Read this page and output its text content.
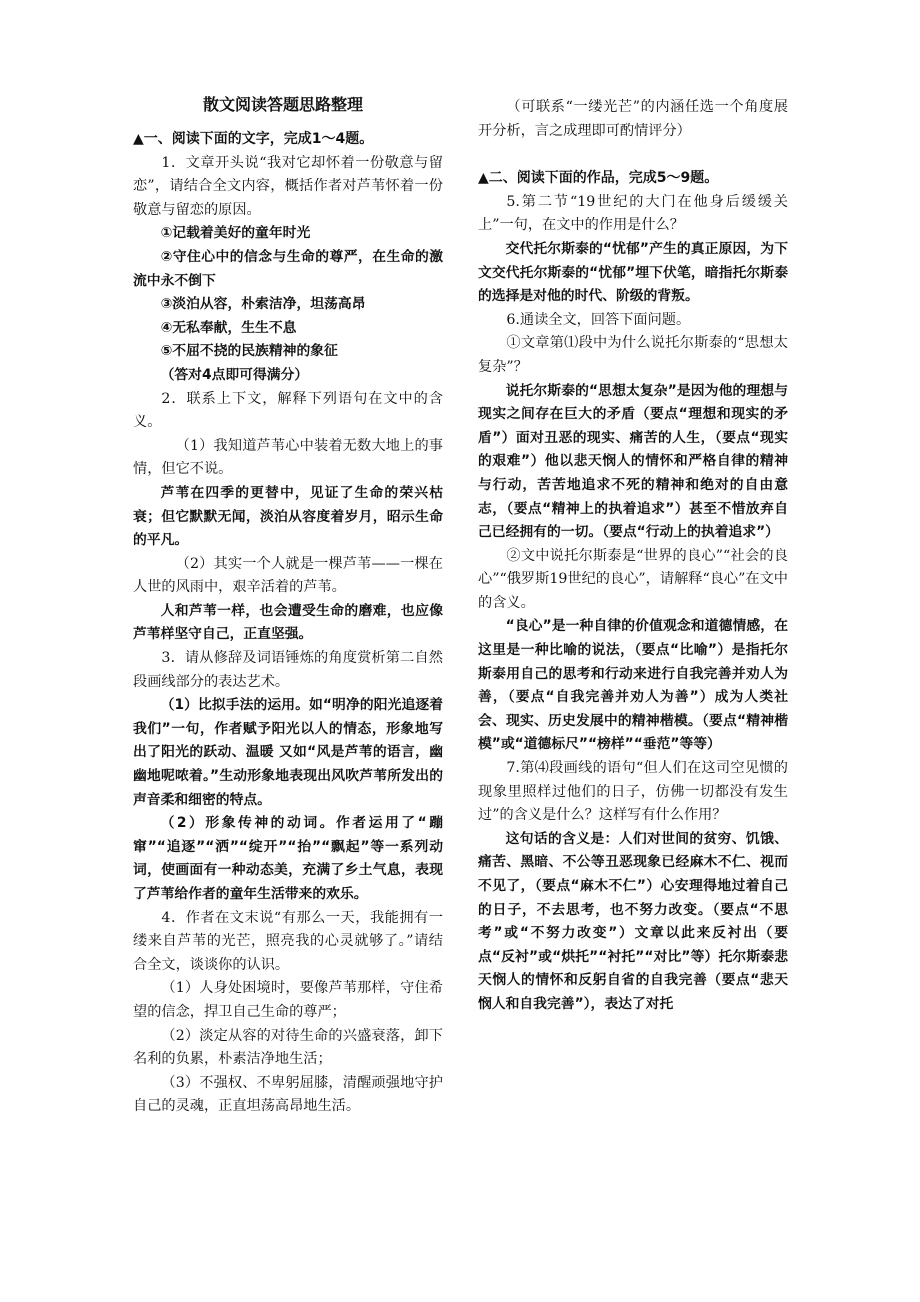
散文阅读答题思路整理

▲一、阅读下面的文字，完成1～4题。

1．文章开头说“我对它却怀着一份敬意与留恋”，请结合全文内容，概括作者对芦苇怀着一份敬意与留恋的原因。

①记载着美好的童年时光

②守住心中的信念与生命的尊严，在生命的激流中永不倒下

③淡泊从容，朴索洁净，坦荡高昂

④无私奉献，生生不息

⑤不屈不挠的民族精神的象征

（答对4点即可得满分）

2．联系上下文，解释下列语句在文中的含义。

（1）我知道芦苇心中装着无数大地上的事情，但它不说。

芦苇在四季的更替中，见证了生命的荣兴枯衰；但它默默无闻，淡泊从容度着岁月，昭示生命的平凡。

（2）其实一个人就是一棵芦苇——一棵在人世的风雨中，艰辛活着的芦苇。

人和芦苇一样，也会遭受生命的磨难，也应像芦苇样坚守自己，正直坚强。

3．请从修辞及词语锤炼的角度赏析第二自然段画线部分的表达艺术。

（1）比拟手法的运用。如“明净的阳光追逐着我们”一句，作者赋予阳光以人的情态，形象地写出了阳光的跃动、温暖 又如“风是芦苇的语言，幽幽地呢哝着。”生动形象地表现出风吹芦苇所发出的声音柔和细密的特点。

（2）形象传神的动词。作者运用了“蹦窜”“追逐”“洒”“绽开”“抬”“飘起”等一系列动词，使画面有一种动态美，充满了乡土气息，表现了芦苇给作者的童年生活带来的欢乐。

4．作者在文末说“有那么一天，我能拥有一缕来自芦苇的光芒，照亮我的心灵就够了。”请结合全文，谈谈你的认识。

（1）人身处困境时，要像芦苇那样，守住希望的信念，捍卫自己生命的尊严；

（2）淡定从容的对待生命的兴盛衰落，卸下名利的负累，朴素洁净地生活；

（3）不强权、不卑躬屈膝，清醒顽强地守护自己的灵魂，正直坦荡高昂地生活。

（可联系“一缕光芒”的内涵任选一个角度展开分析，言之成理即可酌情评分）

▲二、阅读下面的作品，完成5～9题。

5.第二节“19世纪的大门在他身后缓缓关上”一句，在文中的作用是什么？

交代托尔斯泰的“忧郁”产生的真正原因，为下文交代托尔斯泰的“忧郁”埋下伏笔，暗指托尔斯泰的选择是对他的时代、阶级的背叛。

6.通读全文，回答下面问题。

①文章第⑴段中为什么说托尔斯泰的“思想太复杂”？

说托尔斯泰的“思想太复杂”是因为他的理想与现实之间存在巨大的矛盾（要点“理想和现实的矛盾”）面对丑恶的现实、痛苦的人生，（要点“现实的艰难”）他以悲天悯人的情怀和严格自律的精神与行动，苦苦地追求不死的精神和绝对的自由意志，（要点“精神上的执着追求”）甚至不惜放弃自己已经拥有的一切。（要点“行动上的执着追求”）

②文中说托尔斯泰是“世界的良心”“社会的良心”“俄罗斯19世纪的良心”，请解释“良心”在文中的含义。

“良心”是一种自律的价值观念和道德情感，在这里是一种比喻的说法，（要点“比喻”）是指托尔斯泰用自己的思考和行动来进行自我完善并劝人为善，（要点“自我完善并劝人为善”）成为人类社会、现实、历史发展中的精神楷模。（要点“精神楷模”或“道德标尺”“榜样”“垂范”等等）

7.第⑷段画线的语句“但人们在这司空见惯的现象里照样过他们的日子，仿佛一切都没有发生过”的含义是什么？这样写有什么作用？

这句话的含义是：人们对世间的贫穷、饥饿、痛苦、黑暗、不公等丑恶现象已经麻木不仁、视而不见了，（要点“麻木不仁”）心安理得地过着自己的日子，不去思考，也不努力改变。（要点“不思考”或“不努力改变”）文章以此来反衬出（要点“反衬”或“烘托”“衬托”“对比”等）托尔斯泰悲天悯人的情怀和反躬自省的自我完善（要点“悲天悯人和自我完善”），表达了对托
